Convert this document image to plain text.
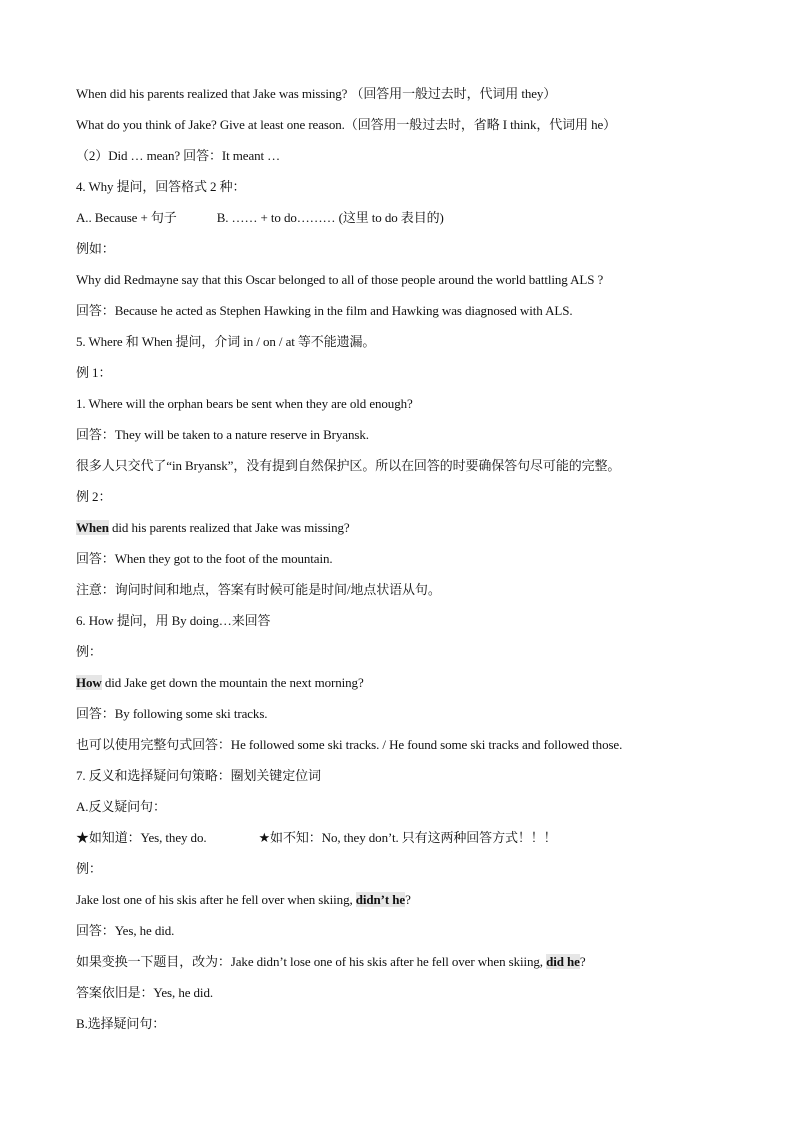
When did his parents realized that Jake was missing? （回答用一般过去时，代词用 they）
What do you think of Jake? Give at least one reason.（回答用一般过去时，省略 I think，代词用 he）
（2）Did … mean? 回答：It meant …
4. Why 提问，回答格式 2 种：
A.. Because + 句子	B. …… + to do……… (这里 to do 表目的)
例如：
Why did Redmayne say that this Oscar belonged to all of those people around the world battling ALS ?
回答：Because he acted as Stephen Hawking in the film and Hawking was diagnosed with ALS.
5. Where 和 When 提问，介词 in / on / at 等不能遗漏。
例 1：
1. Where will the orphan bears be sent when they are old enough?
回答：They will be taken to a nature reserve in Bryansk.
很多人只交代了“in Bryansk”，没有提到自然保护区。所以在回答的时要确保答句尽可能的完整。
例 2：
When did his parents realized that Jake was missing?
回答：When they got to the foot of the mountain.
注意：询问时间和地点，答案有时候可能是时间/地点状语从句。
6. How 提问，用 By doing…来回答
例：
How did Jake get down the mountain the next morning?
回答：By following some ski tracks.
也可以使用完整句式回答：He followed some ski tracks. / He found some ski tracks and followed those.
7. 反义和选择疑问句策略：圈划关键定位词
A.反义疑问句：
★如知道：Yes, they do.	★如不知：No, they don’t. 只有这两种回答方式！！！
例：
Jake lost one of his skis after he fell over when skiing, didn’t he?
回答：Yes, he did.
如果变换一下题目，改为：Jake didn’t lose one of his skis after he fell over when skiing, did he?
答案依旧是：Yes, he did.
B.选择疑问句：
